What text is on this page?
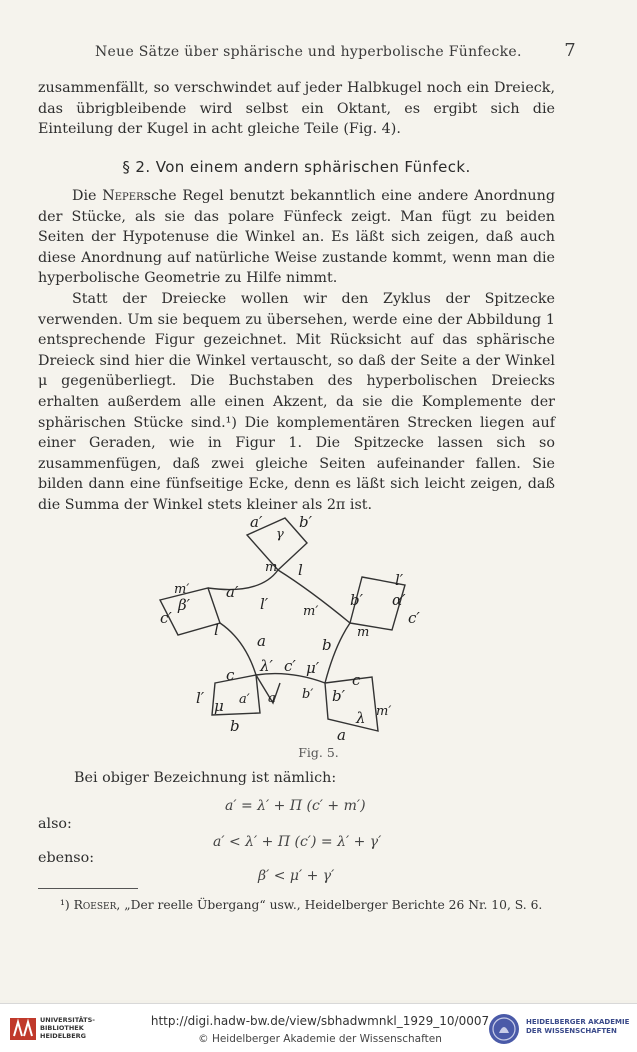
Neue Sätze über sphärische und hyperbolische Fünfecke. 7

zusammenfällt, so verschwindet auf jeder Halbkugel noch ein Dreieck, das übrigbleibende wird selbst ein Oktant, es ergibt sich die Einteilung der Kugel in acht gleiche Teile (Fig. 4).

§ 2. Von einem andern sphärischen Fünfeck.

Die Nepersche Regel benutzt bekanntlich eine andere Anordnung der Stücke, als sie das polare Fünfeck zeigt. Man fügt zu beiden Seiten der Hypotenuse die Winkel an. Es läßt sich zeigen, daß auch diese Anordnung auf natürliche Weise zustande kommt, wenn man die hyperbolische Geometrie zu Hilfe nimmt.

Statt der Dreiecke wollen wir den Zyklus der Spitzecke verwenden. Um sie bequem zu übersehen, werde eine der Abbildung 1 entsprechende Figur gezeichnet. Mit Rücksicht auf das sphärische Dreieck sind hier die Winkel vertauscht, so daß der Seite a der Winkel μ gegenüberliegt. Die Buchstaben des hyperbolischen Dreiecks erhalten außerdem alle einen Akzent, da sie die Komplemente der sphärischen Stücke sind.¹) Die komplementären Strecken liegen auf einer Geraden, wie in Figur 1. Die Spitzecke lassen sich so zusammenfügen, daß zwei gleiche Seiten aufeinander fallen. Sie bilden dann eine fünfseitige Ecke, denn es läßt sich leicht zeigen, daß die Summa der Winkel stets kleiner als 2π ist.

a′
γ
b′
m l
m′
β′
c′
a′
l′	m′
b′
l′
α′
c′
l
a	b
m
λ′ c′ μ′
c	c
l′	a′ a b′ b′
m′
μ
b	λ
a
Fig. 5.
Bei obiger Bezeichnung ist nämlich:
a′ = λ′ + Π (c′ + m′)
also:
a′ < λ′ + Π (c′) = λ′ + γ′
ebenso:
β′ < μ′ + γ′
¹) Roeser, „Der reelle Übergang“ usw., Heidelberger Berichte 26 Nr. 10, S. 6.
UNIVERSITÄTS-
BIBLIOTHEK
HEIDELBERG
http://digi.hadw-bw.de/view/sbhadwmnkl_1929_10/0007
© Heidelberger Akademie der Wissenschaften
HEIDELBERGER AKADEMIE
DER WISSENSCHAFTEN
